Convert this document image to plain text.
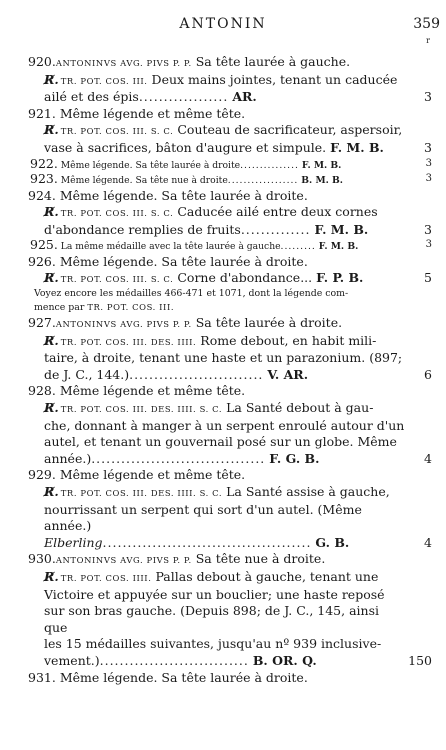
ANTONIN	359
r
920.ANTONINVS AVG. PIVS P. P. Sa tête laurée à gauche.
R̸. TR. POT. COS. III. Deux mains jointes, tenant un caducée
ailé et des épis.................. AR.	3
921. Même légende et même tête.
R̸. TR. POT. COS. III. S. C. Couteau de sacrificateur, aspersoir,
vase à sacrifices, bâton d'augure et simpule. F. M. B.	3
922. Même légende. Sa tête laurée à droite............... F. M. B.	3
923. Même légende. Sa tête nue à droite.................. B. M. B.	3
924. Même légende. Sa tête laurée à droite.
R̸. TR. POT. COS. III. S. C. Caducée ailé entre deux cornes
d'abondance remplies de fruits.............. F. M. B.	3
925. La même médaille avec la tête laurée à gauche......... F. M. B.	3
926. Même légende. Sa tête laurée à droite.
R̸. TR. POT. COS. III. S. C. Corne d'abondance... F. P. B.	5
Voyez encore les médailles 466-471 et 1071, dont la légende com-
mence par TR. POT. COS. III.
927.ANTONINVS AVG. PIVS P. P. Sa tête laurée à droite.
R̸. TR. POT. COS. III. DES. IIII. Rome debout, en habit mili-
taire, à droite, tenant une haste et un parazonium. (897;
de J. C., 144.)........................... V. AR.	6
928. Même légende et même tête.
R̸. TR. POT. COS. III. DES. IIII. S. C. La Santé debout à gau-
che, donnant à manger à un serpent enroulé autour d'un
autel, et tenant un gouvernail posé sur un globe. Même
année.)................................... F. G. B.	4
929. Même légende et même tête.
R̸. TR. POT. COS. III. DES. IIII. S. C. La Santé assise à gauche,
nourrissant un serpent qui sort d'un autel. (Même année.)
Elberling.......................................... G. B.	4
930.ANTONINVS AVG. PIVS P. P. Sa tête nue à droite.
R̸. TR. POT. COS. IIII. Pallas debout à gauche, tenant une
Victoire et appuyée sur un bouclier; une haste reposé
sur son bras gauche. (Depuis 898; de J. C., 145, ainsi que
les 15 médailles suivantes, jusqu'au nº 939 inclusive-
vement.).............................. B. OR. Q.	150
931. Même légende. Sa tête laurée à droite.
